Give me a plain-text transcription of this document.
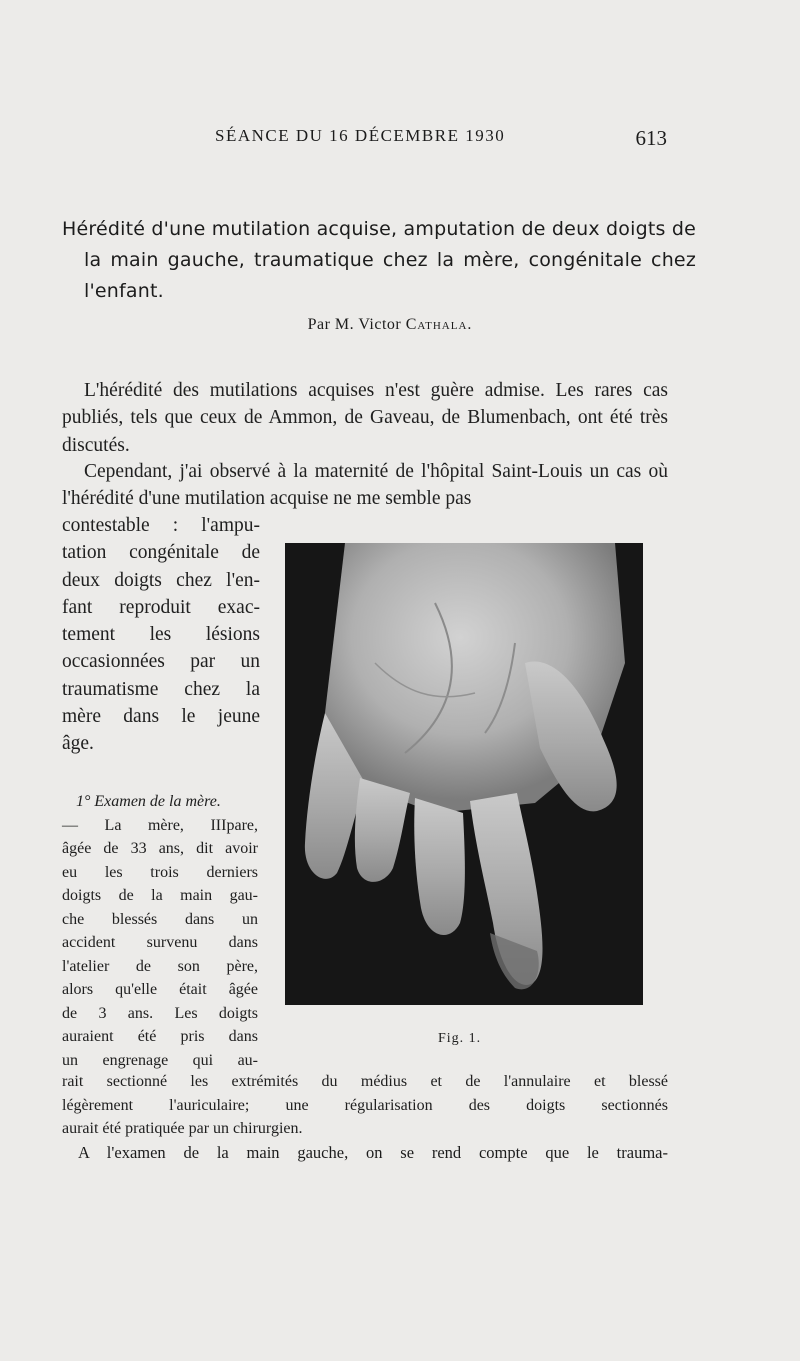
SÉANCE DU 16 DÉCEMBRE 1930	613
Hérédité d'une mutilation acquise, amputation de deux doigts de la main gauche, traumatique chez la mère, congénitale chez l'enfant.
Par M. Victor Cathala.
L'hérédité des mutilations acquises n'est guère admise. Les rares cas publiés, tels que ceux de Ammon, de Gaveau, de Blumenbach, ont été très discutés.
Cependant, j'ai observé à la maternité de l'hôpital Saint-Louis un cas où l'hérédité d'une mutilation acquise ne me semble pas
contestable : l'ampu-
tation congénitale de
deux doigts chez l'en-
fant reproduit exac-
tement les lésions
occasionnées par un
traumatisme chez la
mère dans le jeune
âge.
Fig. 1.
1° Examen de la mère.
— La mère, IIIpare,
âgée de 33 ans, dit avoir
eu les trois derniers
doigts de la main gau-
che blessés dans un
accident survenu dans
l'atelier de son père,
alors qu'elle était âgée
de 3 ans. Les doigts
auraient été pris dans
un engrenage qui au-
rait sectionné les extrémités du médius et de l'annulaire et blessé
légèrement l'auriculaire; une régularisation des doigts sectionnés
aurait été pratiquée par un chirurgien.
A l'examen de la main gauche, on se rend compte que le trauma-
